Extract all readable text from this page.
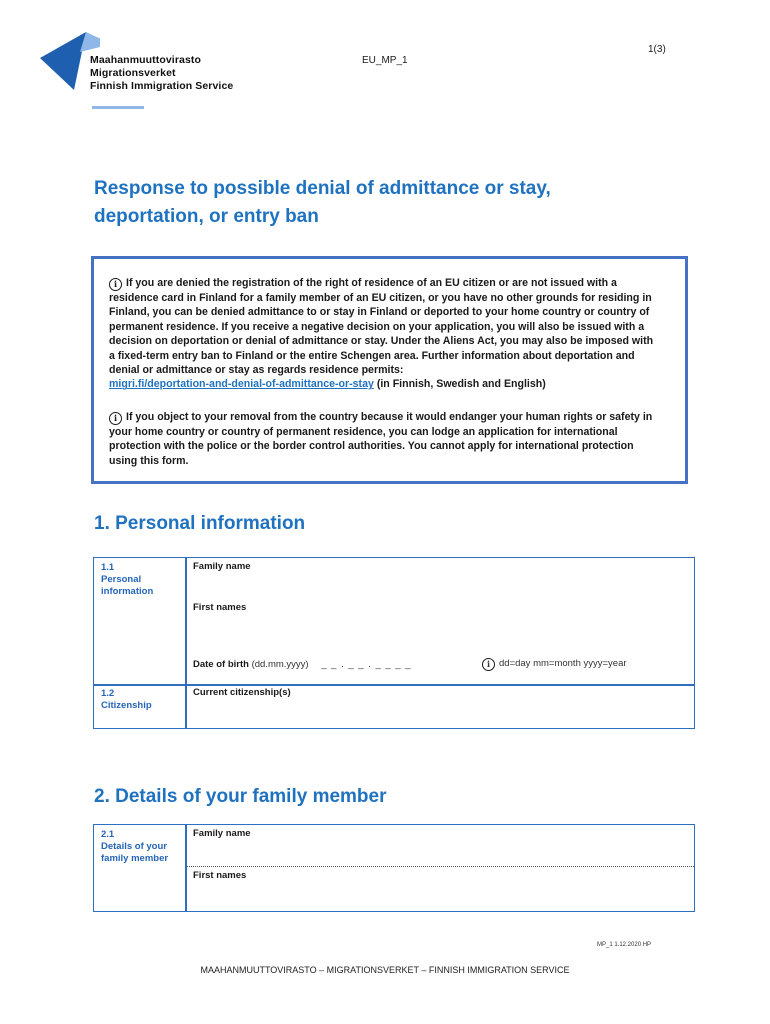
Maahanmuuttovirasto
Migrationsverket
Finnish Immigration Service
EU_MP_1
1(3)
Response to possible denial of admittance or stay, deportation, or entry ban
i If you are denied the registration of the right of residence of an EU citizen or are not issued with a residence card in Finland for a family member of an EU citizen, or you have no other grounds for residing in Finland, you can be denied admittance to or stay in Finland or deported to your home country or country of permanent residence. If you receive a negative decision on your application, you will also be issued with a decision on deportation or denial of admittance or stay. Under the Aliens Act, you may also be imposed with a fixed-term entry ban to Finland or the entire Schengen area. Further information about deportation and denial or admittance or stay as regards residence permits:
migri.fi/deportation-and-denial-of-admittance-or-stay (in Finnish, Swedish and English)
i If you object to your removal from the country because it would endanger your human rights or safety in your home country or country of permanent residence, you can lodge an application for international protection with the police or the border control authorities. You cannot apply for international protection using this form.
1. Personal information
1.1
Personal
information
Family name
First names
Date of birth (dd.mm.yyyy) _ _ . _ _ . _ _ _ _	i dd=day mm=month yyyy=year
1.2
Citizenship
Current citizenship(s)
2. Details of your family member
2.1
Details of your
family member
Family name
First names
MP_1 1.12.2020 HP
MAAHANMUUTTOVIRASTO – MIGRATIONSVERKET – FINNISH IMMIGRATION SERVICE
